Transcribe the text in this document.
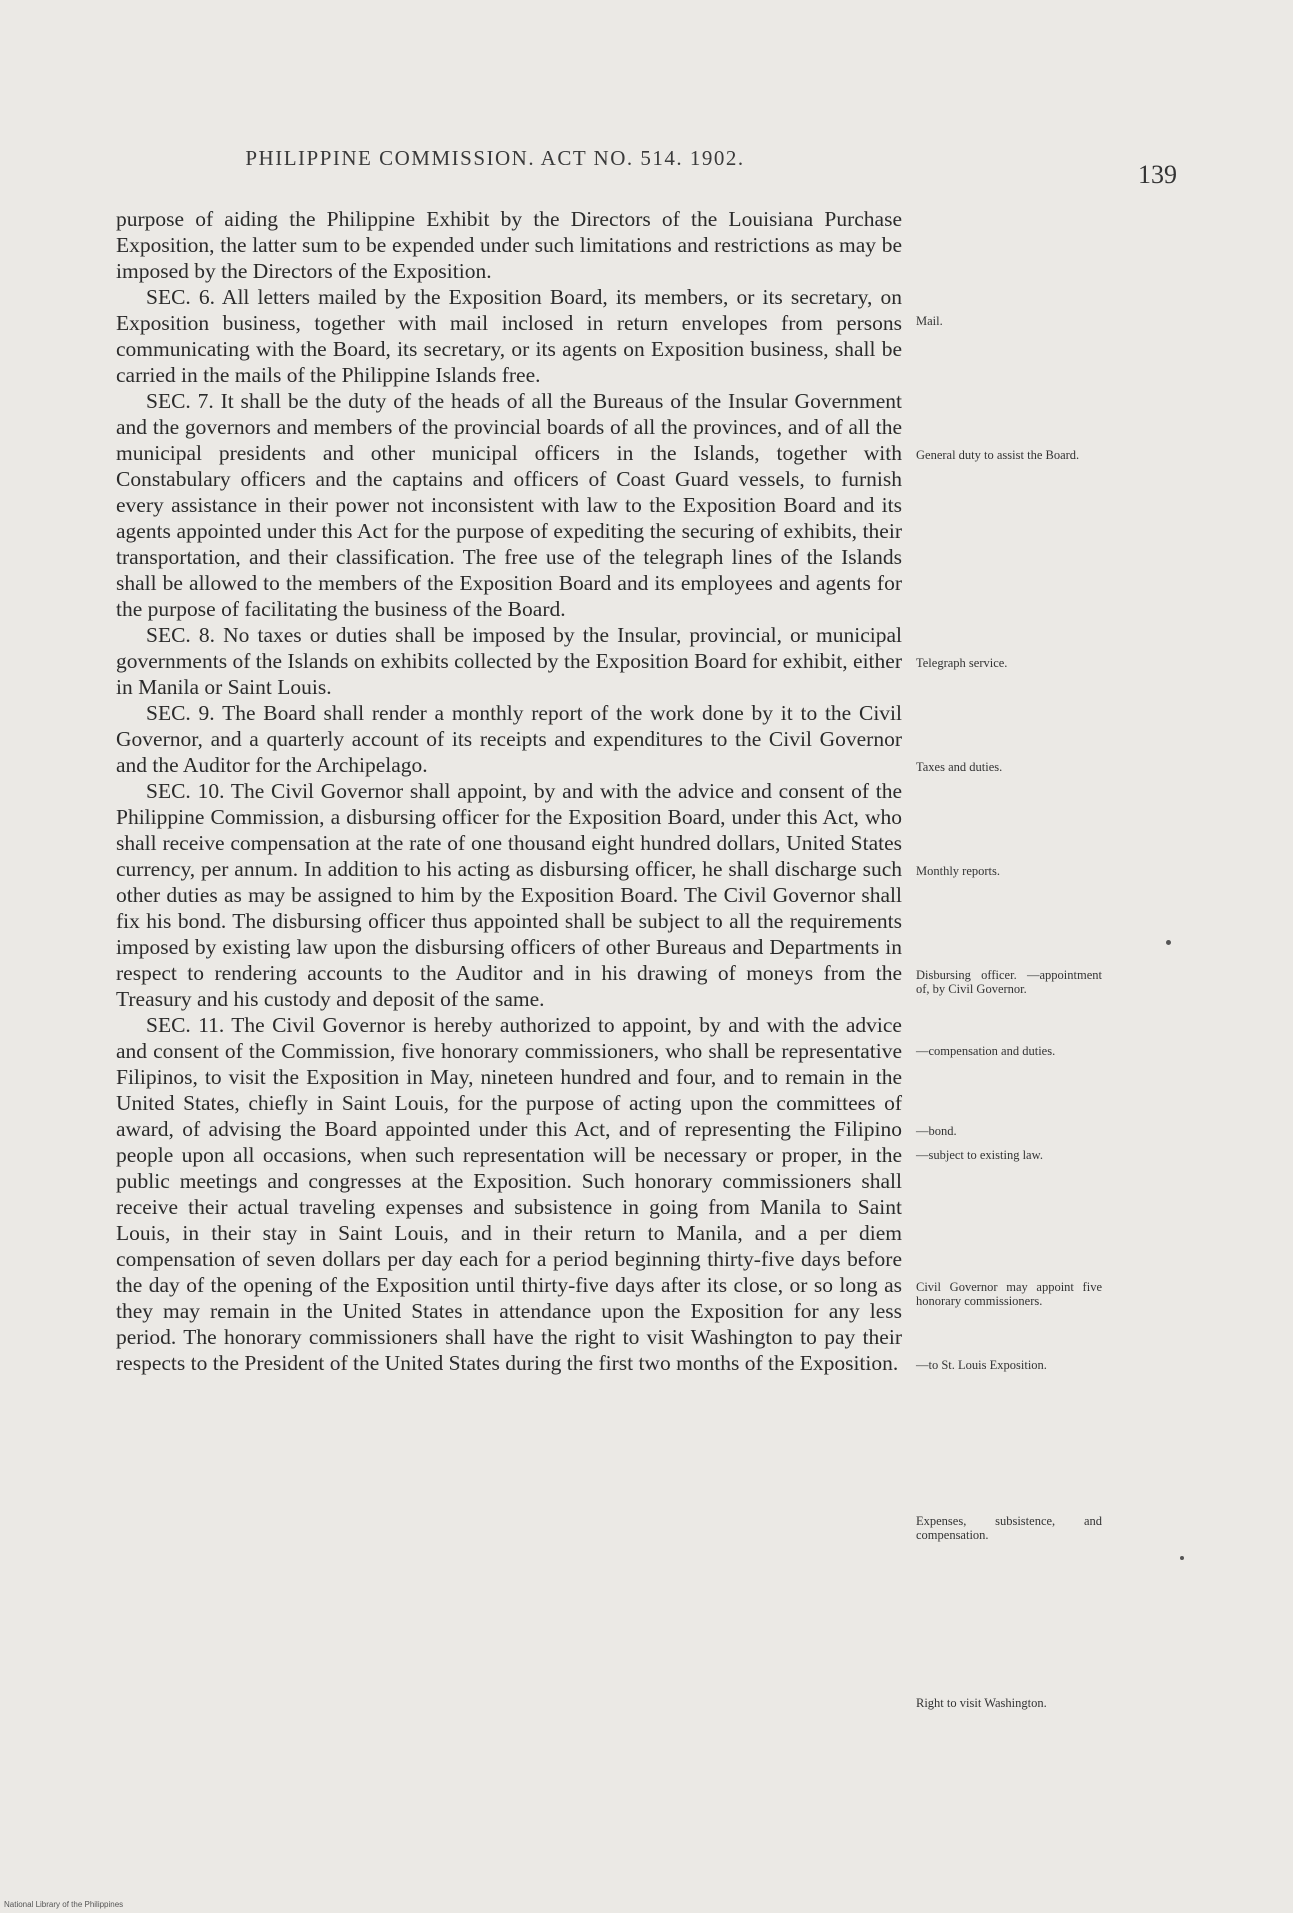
PHILIPPINE COMMISSION. ACT NO. 514. 1902.
139

purpose of aiding the Philippine Exhibit by the Directors of the Louisiana Purchase Exposition, the latter sum to be expended under such limitations and restrictions as may be imposed by the Directors of the Exposition.

SEC. 6. All letters mailed by the Exposition Board, its members, or its secretary, on Exposition business, together with mail inclosed in return envelopes from persons communicating with the Board, its secretary, or its agents on Exposition business, shall be carried in the mails of the Philippine Islands free.

SEC. 7. It shall be the duty of the heads of all the Bureaus of the Insular Government and the governors and members of the provincial boards of all the provinces, and of all the municipal presidents and other municipal officers in the Islands, together with Constabulary officers and the captains and officers of Coast Guard vessels, to furnish every assistance in their power not inconsistent with law to the Exposition Board and its agents appointed under this Act for the purpose of expediting the securing of exhibits, their transportation, and their classification. The free use of the telegraph lines of the Islands shall be allowed to the members of the Exposition Board and its employees and agents for the purpose of facilitating the business of the Board.

SEC. 8. No taxes or duties shall be imposed by the Insular, provincial, or municipal governments of the Islands on exhibits collected by the Exposition Board for exhibit, either in Manila or Saint Louis.

SEC. 9. The Board shall render a monthly report of the work done by it to the Civil Governor, and a quarterly account of its receipts and expenditures to the Civil Governor and the Auditor for the Archipelago.

SEC. 10. The Civil Governor shall appoint, by and with the advice and consent of the Philippine Commission, a disbursing officer for the Exposition Board, under this Act, who shall receive compensation at the rate of one thousand eight hundred dollars, United States currency, per annum. In addition to his acting as disbursing officer, he shall discharge such other duties as may be assigned to him by the Exposition Board. The Civil Governor shall fix his bond. The disbursing officer thus appointed shall be subject to all the requirements imposed by existing law upon the disbursing officers of other Bureaus and Departments in respect to rendering accounts to the Auditor and in his drawing of moneys from the Treasury and his custody and deposit of the same.

SEC. 11. The Civil Governor is hereby authorized to appoint, by and with the advice and consent of the Commission, five honorary commissioners, who shall be representative Filipinos, to visit the Exposition in May, nineteen hundred and four, and to remain in the United States, chiefly in Saint Louis, for the purpose of acting upon the committees of award, of advising the Board appointed under this Act, and of representing the Filipino people upon all occasions, when such representation will be necessary or proper, in the public meetings and congresses at the Exposition. Such honorary commissioners shall receive their actual traveling expenses and subsistence in going from Manila to Saint Louis, in their stay in Saint Louis, and in their return to Manila, and a per diem compensation of seven dollars per day each for a period beginning thirty-five days before the day of the opening of the Exposition until thirty-five days after its close, or so long as they may remain in the United States in attendance upon the Exposition for any less period. The honorary commissioners shall have the right to visit Washington to pay their respects to the President of the United States during the first two months of the Exposition.

Mail.
General duty to assist the Board.
Telegraph service.
Taxes and duties.
Monthly reports.
Disbursing officer. —appointment of, by Civil Governor.
—compensation and duties.
—bond.
—subject to existing law.
Civil Governor may appoint five honorary commissioners.
—to St. Louis Exposition.
Expenses, subsistence, and compensation.
Right to visit Washington.
National Library of the Philippines
